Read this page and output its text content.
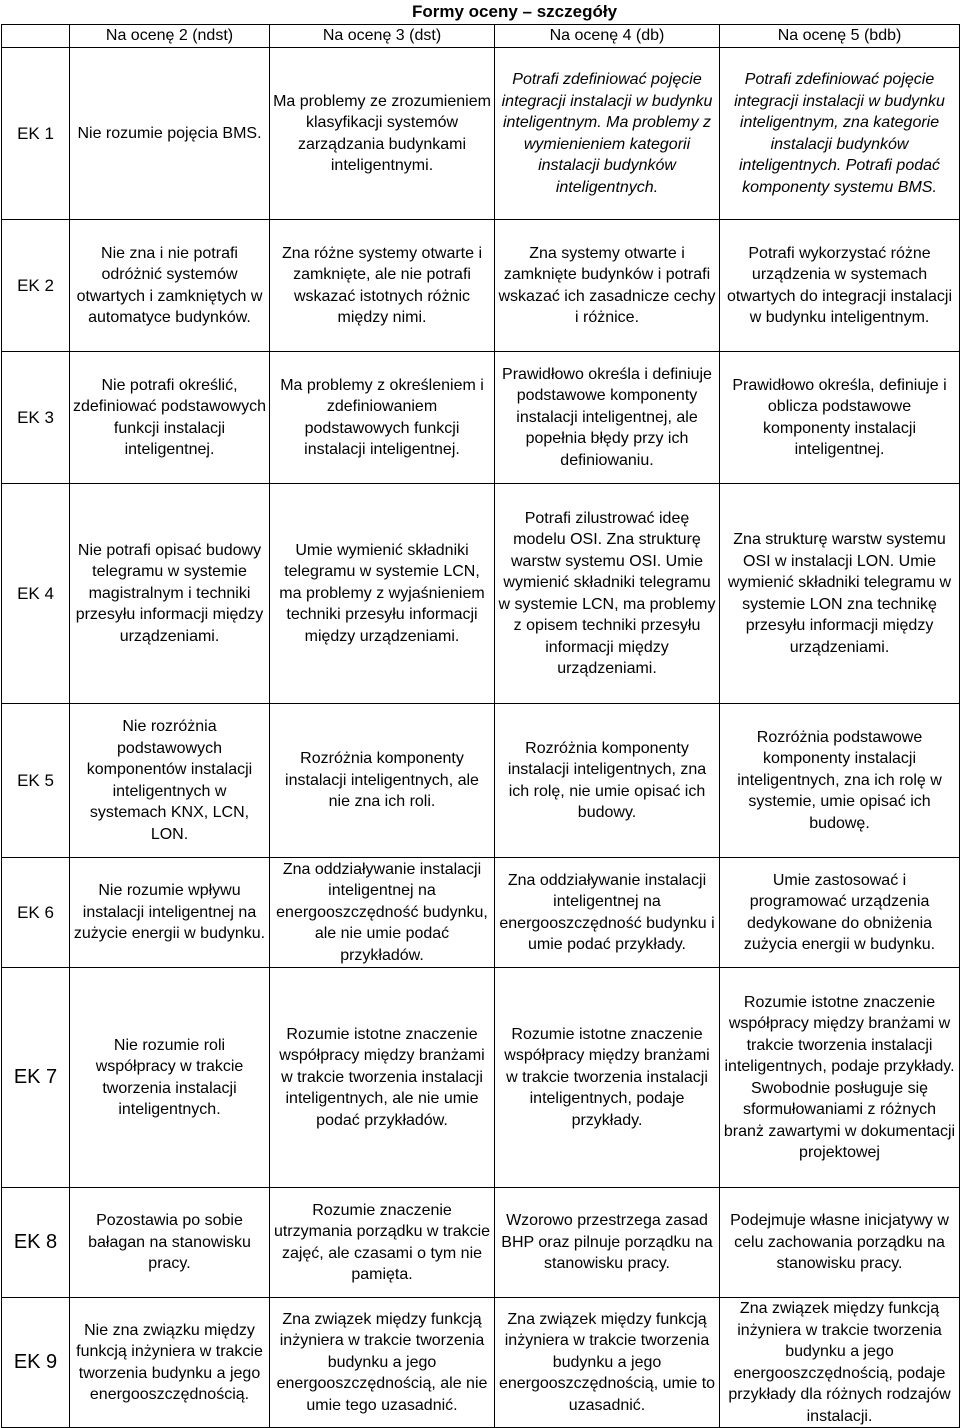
	Formy oceny – szczegóły			
	Na ocenę 2 (ndst)	Na ocenę 3 (dst)	Na ocenę 4 (db)	Na ocenę 5 (bdb)
EK 1	Nie rozumie pojęcia BMS.	Ma problemy ze zrozumieniem klasyfikacji systemów zarządzania budynkami inteligentnymi.	Potrafi zdefiniować pojęcie integracji instalacji w budynku inteligentnym. Ma problemy z wymienieniem kategorii instalacji budynków inteligentnych.	Potrafi zdefiniować pojęcie integracji instalacji w budynku inteligentnym, zna kategorie instalacji budynków inteligentnych. Potrafi podać komponenty systemu BMS.
EK 2	Nie zna i nie potrafi odróżnić systemów otwartych i zamkniętych w automatyce budynków.	Zna różne systemy otwarte i zamknięte, ale nie potrafi wskazać istotnych różnic między nimi.	Zna systemy otwarte i zamknięte budynków i potrafi wskazać ich zasadnicze cechy i różnice.	Potrafi wykorzystać różne urządzenia w systemach otwartych do integracji instalacji w budynku inteligentnym.
EK 3	Nie potrafi określić, zdefiniować podstawowych funkcji instalacji inteligentnej.	Ma problemy z określeniem i zdefiniowaniem podstawowych funkcji instalacji inteligentnej.	Prawidłowo określa i definiuje podstawowe komponenty instalacji inteligentnej, ale popełnia błędy przy ich definiowaniu.	Prawidłowo określa, definiuje i oblicza podstawowe komponenty instalacji inteligentnej.
EK 4	Nie potrafi opisać budowy telegramu w systemie magistralnym i techniki przesyłu informacji między urządzeniami.	Umie wymienić składniki telegramu w systemie LCN, ma problemy z wyjaśnieniem techniki przesyłu informacji między urządzeniami.	Potrafi zilustrować ideę modelu OSI. Zna strukturę warstw systemu OSI. Umie wymienić składniki telegramu w systemie LCN, ma problemy z opisem techniki przesyłu informacji między urządzeniami.	Zna strukturę warstw systemu OSI w instalacji LON. Umie wymienić składniki telegramu w systemie LON zna technikę przesyłu informacji między urządzeniami.
EK 5	Nie rozróżnia podstawowych komponentów instalacji inteligentnych w systemach KNX, LCN, LON.	Rozróżnia komponenty instalacji inteligentnych, ale nie zna ich roli.	Rozróżnia komponenty instalacji inteligentnych, zna ich rolę, nie umie opisać ich budowy.	Rozróżnia podstawowe komponenty instalacji inteligentnych, zna ich rolę w systemie, umie opisać ich budowę.
EK 6	Nie rozumie wpływu instalacji inteligentnej na zużycie energii w budynku.	Zna oddziaływanie instalacji inteligentnej na energooszczędność budynku, ale nie umie podać przykładów.	Zna oddziaływanie instalacji inteligentnej na energooszczędność budynku i umie podać przykłady.	Umie zastosować i programować urządzenia dedykowane do obniżenia zużycia energii w budynku.
EK 7	Nie rozumie roli współpracy w trakcie tworzenia instalacji inteligentnych.	Rozumie istotne znaczenie współpracy między branżami w trakcie tworzenia instalacji inteligentnych, ale nie umie podać przykładów.	Rozumie istotne znaczenie współpracy między branżami w trakcie tworzenia instalacji inteligentnych, podaje przykłady.	Rozumie istotne znaczenie współpracy między branżami w trakcie tworzenia instalacji inteligentnych, podaje przykłady. Swobodnie posługuje się sformułowaniami z różnych branż zawartymi w dokumentacji projektowej
EK 8	Pozostawia po sobie bałagan na stanowisku pracy.	Rozumie znaczenie utrzymania porządku w trakcie zajęć, ale czasami o tym nie pamięta.	Wzorowo przestrzega zasad BHP oraz pilnuje porządku na stanowisku pracy.	Podejmuje własne inicjatywy w celu zachowania porządku na stanowisku pracy.
EK 9	Nie zna związku między funkcją inżyniera w trakcie tworzenia budynku a jego energooszczędnością.	Zna związek między funkcją inżyniera w trakcie tworzenia budynku a jego energooszczędnością, ale nie umie tego uzasadnić.	Zna związek między funkcją inżyniera w trakcie tworzenia budynku a jego energooszczędnością, umie to uzasadnić.	Zna związek między funkcją inżyniera w trakcie tworzenia budynku a jego energooszczędnością, podaje przykłady dla różnych rodzajów instalacji.
